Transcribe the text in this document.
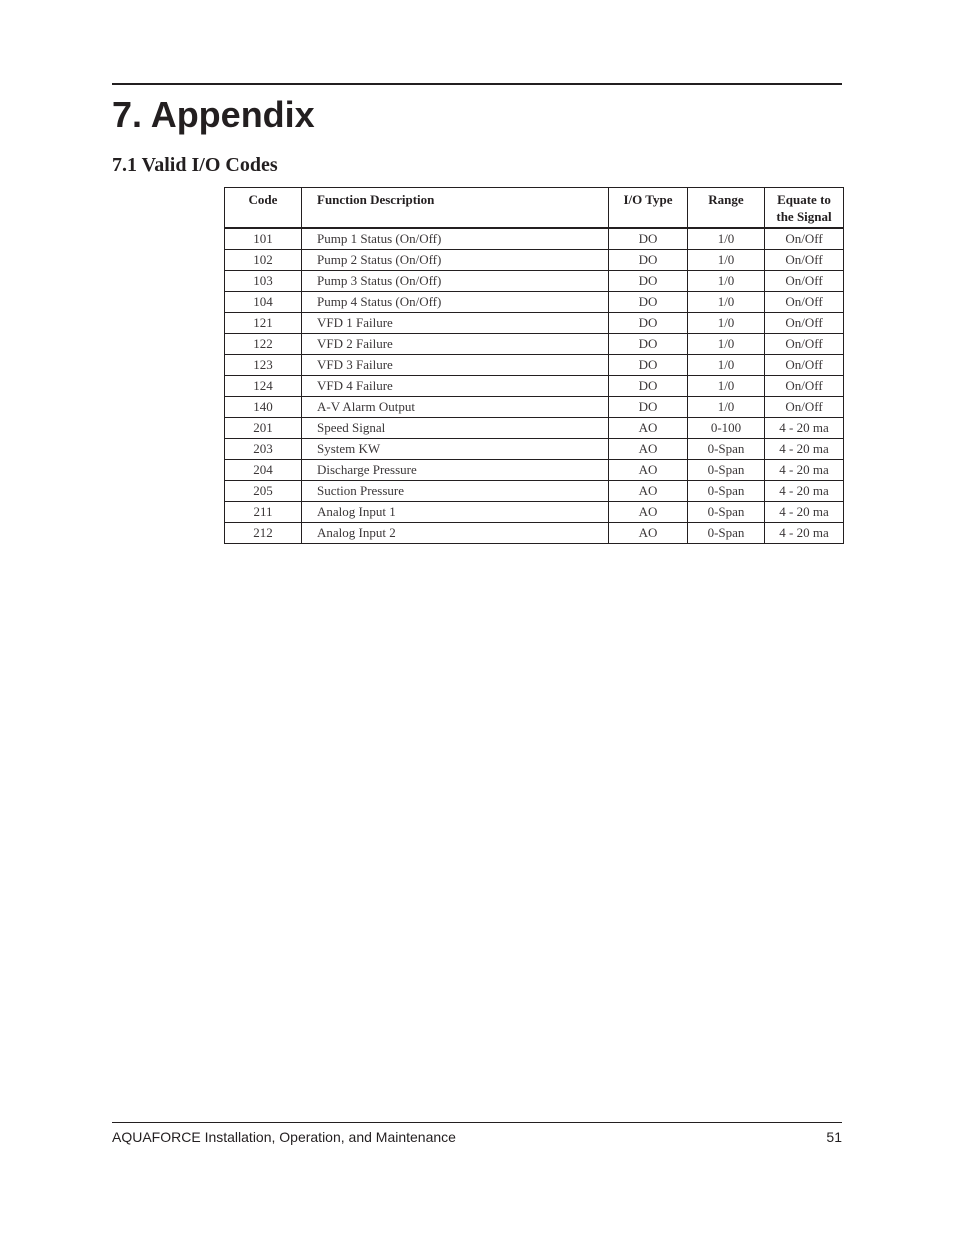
7. Appendix
7.1 Valid I/O Codes
Code	Function Description	I/O Type	Range	Equate to the Signal
101	Pump 1 Status (On/Off)	DO	1/0	On/Off
102	Pump 2 Status (On/Off)	DO	1/0	On/Off
103	Pump 3 Status (On/Off)	DO	1/0	On/Off
104	Pump 4 Status (On/Off)	DO	1/0	On/Off
121	VFD 1 Failure	DO	1/0	On/Off
122	VFD 2 Failure	DO	1/0	On/Off
123	VFD 3 Failure	DO	1/0	On/Off
124	VFD 4 Failure	DO	1/0	On/Off
140	A-V Alarm Output	DO	1/0	On/Off
201	Speed Signal	AO	0-100	4 - 20 ma
203	System KW	AO	0-Span	4 - 20 ma
204	Discharge Pressure	AO	0-Span	4 - 20 ma
205	Suction Pressure	AO	0-Span	4 - 20 ma
211	Analog Input 1	AO	0-Span	4 - 20 ma
212	Analog Input 2	AO	0-Span	4 - 20 ma
AQUAFORCE Installation, Operation, and Maintenance	51
